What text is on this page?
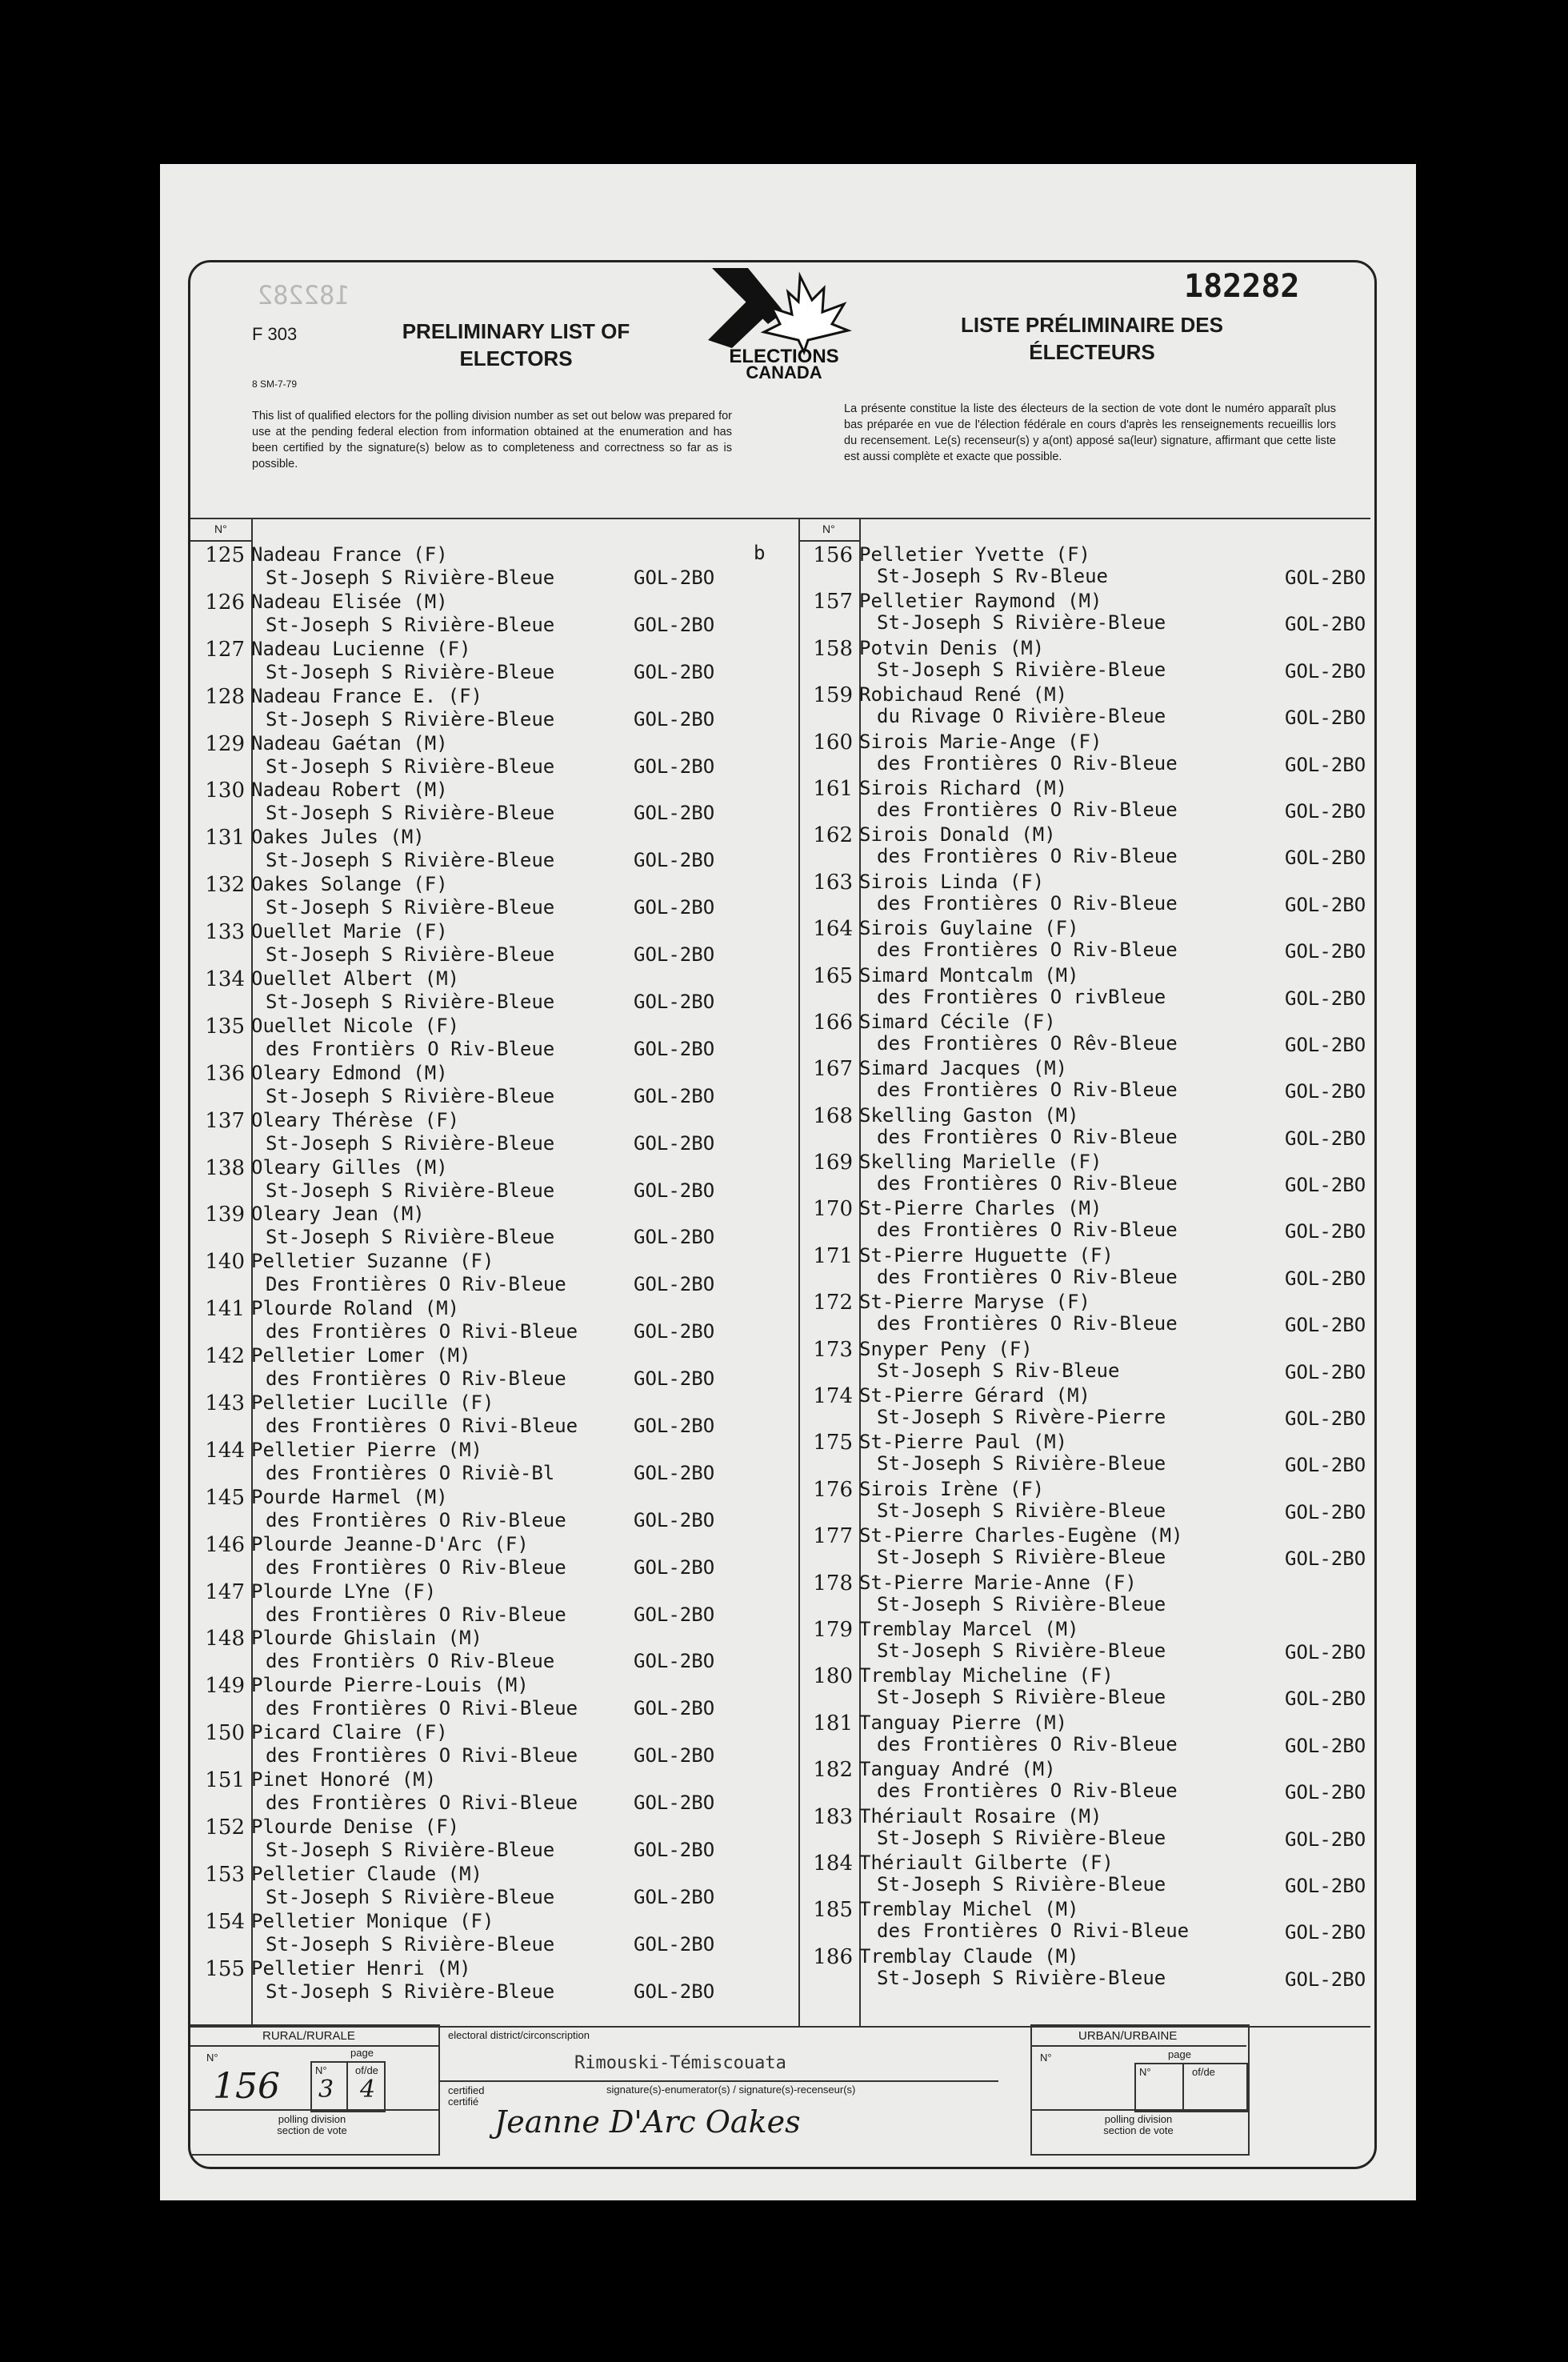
182282	182282
F 303
8 SM-7-79
PRELIMINARY LIST OF ELECTORS
LISTE PRÉLIMINAIRE DES ÉLECTEURS
ELECTIONS
CANADA
This list of qualified electors for the polling division number as set out below was prepared for use at the pending federal election from information obtained at the enumeration and has been certified by the signature(s) below as to completeness and correctness so far as is possible.
La présente constitue la liste des électeurs de la section de vote dont le numéro apparaît plus bas préparée en vue de l'élection fédérale en cours d'après les renseignements recueillis lors du recensement. Le(s) recenseur(s) y a(ont) apposé sa(leur) signature, affirmant que cette liste est aussi complète et exacte que possible.
N°	N°
b
125 Nadeau France (F)
St-Joseph S Rivière-Bleue	GOL-2BO
126 Nadeau Elisée (M)
St-Joseph S Rivière-Bleue	GOL-2BO
127 Nadeau Lucienne (F)
St-Joseph S Rivière-Bleue	GOL-2BO
128 Nadeau France E. (F)
St-Joseph S Rivière-Bleue	GOL-2BO
129 Nadeau Gaétan (M)
St-Joseph S Rivière-Bleue	GOL-2BO
130 Nadeau Robert (M)
St-Joseph S Rivière-Bleue	GOL-2BO
131 Oakes Jules (M)
St-Joseph S Rivière-Bleue	GOL-2BO
132 Oakes Solange (F)
St-Joseph S Rivière-Bleue	GOL-2BO
133 Ouellet Marie (F)
St-Joseph S Rivière-Bleue	GOL-2BO
134 Ouellet Albert (M)
St-Joseph S Rivière-Bleue	GOL-2BO
135 Ouellet Nicole (F)
des Frontièrs O Riv-Bleue	GOL-2BO
136 Oleary Edmond (M)
St-Joseph S Rivière-Bleue	GOL-2BO
137 Oleary Thérèse (F)
St-Joseph S Rivière-Bleue	GOL-2BO
138 Oleary Gilles (M)
St-Joseph S Rivière-Bleue	GOL-2BO
139 Oleary Jean (M)
St-Joseph S Rivière-Bleue	GOL-2BO
140 Pelletier Suzanne (F)
Des Frontières O Riv-Bleue	GOL-2BO
141 Plourde Roland (M)
des Frontières O Rivi-Bleue	GOL-2BO
142 Pelletier Lomer (M)
des Frontières O Riv-Bleue	GOL-2BO
143 Pelletier Lucille (F)
des Frontières O Rivi-Bleue	GOL-2BO
144 Pelletier Pierre (M)
des Frontières O Riviè-Bl	GOL-2BO
145 Pourde Harmel (M)
des Frontières O Riv-Bleue	GOL-2BO
146 Plourde Jeanne-D'Arc (F)
des Frontières O Riv-Bleue	GOL-2BO
147 Plourde LYne (F)
des Frontières O Riv-Bleue	GOL-2BO
148 Plourde Ghislain (M)
des Frontièrs O Riv-Bleue	GOL-2BO
149 Plourde Pierre-Louis (M)
des Frontières O Rivi-Bleue	GOL-2BO
150 Picard Claire (F)
des Frontières O Rivi-Bleue	GOL-2BO
151 Pinet Honoré (M)
des Frontières O Rivi-Bleue	GOL-2BO
152 Plourde Denise (F)
St-Joseph S Rivière-Bleue	GOL-2BO
153 Pelletier Claude (M)
St-Joseph S Rivière-Bleue	GOL-2BO
154 Pelletier Monique (F)
St-Joseph S Rivière-Bleue	GOL-2BO
155 Pelletier Henri (M)
St-Joseph S Rivière-Bleue	GOL-2BO
156 Pelletier Yvette (F)
St-Joseph S Rv-Bleue	GOL-2BO
157 Pelletier Raymond (M)
St-Joseph S Rivière-Bleue	GOL-2BO
158 Potvin Denis (M)
St-Joseph S Rivière-Bleue	GOL-2BO
159 Robichaud René (M)
du Rivage O Rivière-Bleue	GOL-2BO
160 Sirois Marie-Ange (F)
des Frontières O Riv-Bleue	GOL-2BO
161 Sirois Richard (M)
des Frontières O Riv-Bleue	GOL-2BO
162 Sirois Donald (M)
des Frontières O Riv-Bleue	GOL-2BO
163 Sirois Linda (F)
des Frontières O Riv-Bleue	GOL-2BO
164 Sirois Guylaine (F)
des Frontières O Riv-Bleue	GOL-2BO
165 Simard Montcalm (M)
des Frontières O rivBleue	GOL-2BO
166 Simard Cécile (F)
des Frontières O Rêv-Bleue	GOL-2BO
167 Simard Jacques (M)
des Frontières O Riv-Bleue	GOL-2BO
168 Skelling Gaston (M)
des Frontières O Riv-Bleue	GOL-2BO
169 Skelling Marielle (F)
des Frontières O Riv-Bleue	GOL-2BO
170 St-Pierre Charles (M)
des Frontières O Riv-Bleue	GOL-2BO
171 St-Pierre Huguette (F)
des Frontières O Riv-Bleue	GOL-2BO
172 St-Pierre Maryse (F)
des Frontières O Riv-Bleue	GOL-2BO
173 Snyper Peny (F)
St-Joseph S Riv-Bleue	GOL-2BO
174 St-Pierre Gérard (M)
St-Joseph S Rivère-Pierre	GOL-2BO
175 St-Pierre Paul (M)
St-Joseph S Rivière-Bleue	GOL-2BO
176 Sirois Irène (F)
St-Joseph S Rivière-Bleue	GOL-2BO
177 St-Pierre Charles-Eugène (M)
St-Joseph S Rivière-Bleue	GOL-2BO
178 St-Pierre Marie-Anne (F)
St-Joseph S Rivière-Bleue
179 Tremblay Marcel (M)
St-Joseph S Rivière-Bleue	GOL-2BO
180 Tremblay Micheline (F)
St-Joseph S Rivière-Bleue	GOL-2BO
181 Tanguay Pierre (M)
des Frontières O Riv-Bleue	GOL-2BO
182 Tanguay André (M)
des Frontières O Riv-Bleue	GOL-2BO
183 Thériault Rosaire (M)
St-Joseph S Rivière-Bleue	GOL-2BO
184 Thériault Gilberte (F)
St-Joseph S Rivière-Bleue	GOL-2BO
185 Tremblay Michel (M)
des Frontières O Rivi-Bleue	GOL-2BO
186 Tremblay Claude (M)
St-Joseph S Rivière-Bleue	GOL-2BO
RURAL/RURALE
N°	page
N°	of/de
156 3 4
polling division section de vote
electoral district/circonscription
Rimouski-Témiscouata
certified certifié
signature(s)-enumerator(s) / signature(s)-recenseur(s)
Jeanne D'Arc Oakes
URBAN/URBAINE
N°	page
N°	of/de
polling division section de vote
